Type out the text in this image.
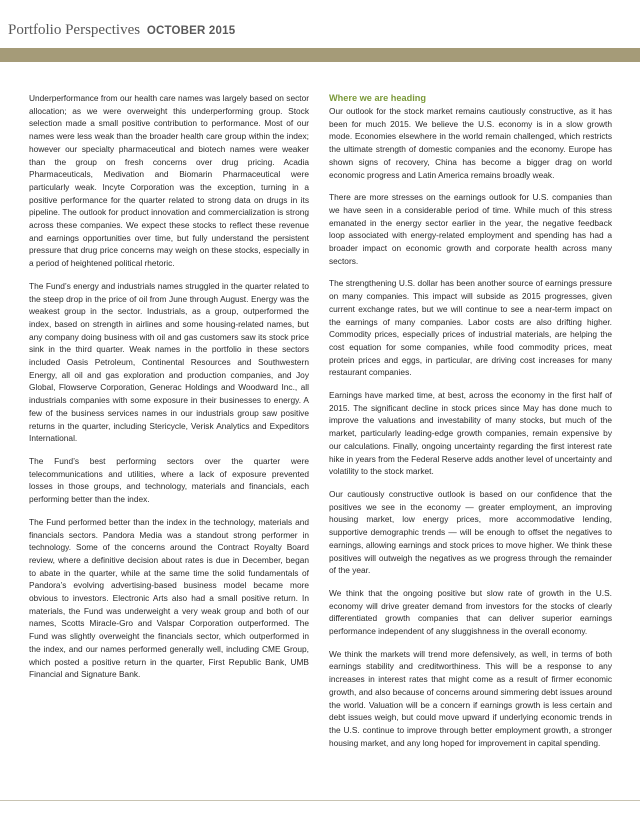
Portfolio Perspectives OCTOBER 2015

Underperformance from our health care names was largely based on sector allocation; as we were overweight this underperforming group. Stock selection made a small positive contribution to performance. Most of our names were less weak than the broader health care group within the index; however our specialty pharmaceutical and biotech names were weaker than the group on fresh concerns over drug pricing. Acadia Pharmaceuticals, Medivation and Biomarin Pharmaceutical were particularly weak. Incyte Corporation was the exception, turning in a positive performance for the quarter related to strong data on drugs in its pipeline. The outlook for product innovation and commercialization is strong across these companies. We expect these stocks to reflect these revenue and earnings opportunities over time, but fully understand the persistent pressure that drug price concerns may weigh on these stocks, especially in a period of heightened political rhetoric.

The Fund’s energy and industrials names struggled in the quarter related to the steep drop in the price of oil from June through August. Energy was the weakest group in the sector. Industrials, as a group, outperformed the index, based on strength in airlines and some housing-related names, but any company doing business with oil and gas customers saw its stock price sink in the third quarter. Weak names in the portfolio in these sectors included Oasis Petroleum, Continental Resources and Southwestern Energy, all oil and gas exploration and production companies, and Joy Global, Flowserve Corporation, Generac Holdings and Woodward Inc., all industrials companies with some exposure in their businesses to energy. A few of the business services names in our industrials group saw positive returns in the quarter, including Stericycle, Verisk Analytics and Expeditors International.

The Fund’s best performing sectors over the quarter were telecommunications and utilities, where a lack of exposure prevented losses in those groups, and technology, materials and financials, each performing better than the index.

The Fund performed better than the index in the technology, materials and financials sectors. Pandora Media was a standout strong performer in technology. Some of the concerns around the Contract Royalty Board review, where a definitive decision about rates is due in December, began to abate in the quarter, while at the same time the solid fundamentals of Pandora’s evolving advertising-based business model became more obvious to investors. Electronic Arts also had a small positive return. In materials, the Fund was underweight a very weak group and both of our names, Scotts Miracle-Gro and Valspar Corporation outperformed. The Fund was slightly overweight the financials sector, which outperformed in the index, and our names performed generally well, including CME Group, which posted a positive return in the quarter, First Republic Bank, UMB Financial and Signature Bank.

Where we are heading

Our outlook for the stock market remains cautiously constructive, as it has been for much 2015. We believe the U.S. economy is in a slow growth mode. Economies elsewhere in the world remain challenged, which restricts the ultimate strength of domestic companies and the economy. Europe has shown signs of recovery, China has become a bigger drag on world economic progress and Latin America remains broadly weak.

There are more stresses on the earnings outlook for U.S. companies than we have seen in a considerable period of time. While much of this stress emanated in the energy sector earlier in the year, the negative feedback loop associated with energy-related employment and spending has had a broader impact on economic growth and corporate health across many sectors.

The strengthening U.S. dollar has been another source of earnings pressure on many companies. This impact will subside as 2015 progresses, given current exchange rates, but we will continue to see a near-term impact on the earnings of many companies. Labor costs are also drifting higher. Commodity prices, especially prices of industrial materials, are helping the cost equation for some companies, while food commodity prices, meat protein prices and eggs, in particular, are driving cost increases for many restaurant companies.

Earnings have marked time, at best, across the economy in the first half of 2015. The significant decline in stock prices since May has done much to improve the valuations and investability of many stocks, but much of the market, particularly leading-edge growth companies, remain expensive by our calculations. Finally, ongoing uncertainty regarding the first interest rate hike in years from the Federal Reserve adds another level of uncertainty and volatility to the stock market.

Our cautiously constructive outlook is based on our confidence that the positives we see in the economy — greater employment, an improving housing market, low energy prices, more accommodative lending, supportive demographic trends — will be enough to offset the negatives to earnings, allowing earnings and stock prices to move higher. We think these positives will outweigh the negatives as we progress through the remainder of the year.

We think that the ongoing positive but slow rate of growth in the U.S. economy will drive greater demand from investors for the stocks of clearly differentiated growth companies that can deliver superior earnings performance independent of any sluggishness in the overall economy.

We think the markets will trend more defensively, as well, in terms of both earnings stability and creditworthiness. This will be a response to any increases in interest rates that might come as a result of firmer economic growth, and also because of concerns around simmering debt issues around the world. Valuation will be a concern if earnings growth is less certain and debt issues weigh, but could move upward if underlying economic trends in the U.S. continue to improve through better employment growth, a stronger housing market, and any long hoped for improvement in capital spending.
